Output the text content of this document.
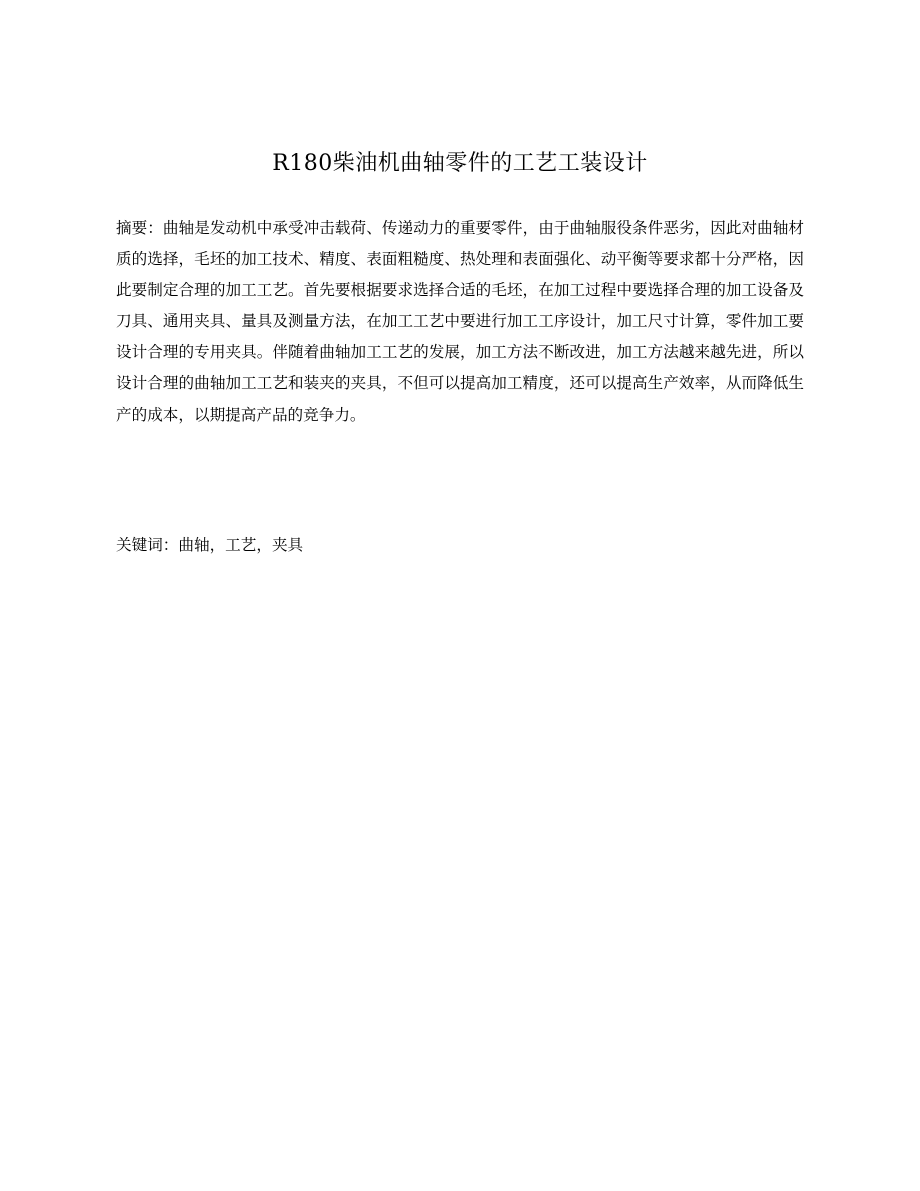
R180柴油机曲轴零件的工艺工装设计

摘要：曲轴是发动机中承受冲击载荷、传递动力的重要零件，由于曲轴服役条件恶劣，因此对曲轴材质的选择，毛坯的加工技术、精度、表面粗糙度、热处理和表面强化、动平衡等要求都十分严格，因此要制定合理的加工工艺。首先要根据要求选择合适的毛坯，在加工过程中要选择合理的加工设备及刀具、通用夹具、量具及测量方法，在加工工艺中要进行加工工序设计，加工尺寸计算，零件加工要设计合理的专用夹具。伴随着曲轴加工工艺的发展，加工方法不断改进，加工方法越来越先进，所以设计合理的曲轴加工工艺和装夹的夹具，不但可以提高加工精度，还可以提高生产效率，从而降低生产的成本，以期提高产品的竞争力。

关键词：曲轴，工艺，夹具
